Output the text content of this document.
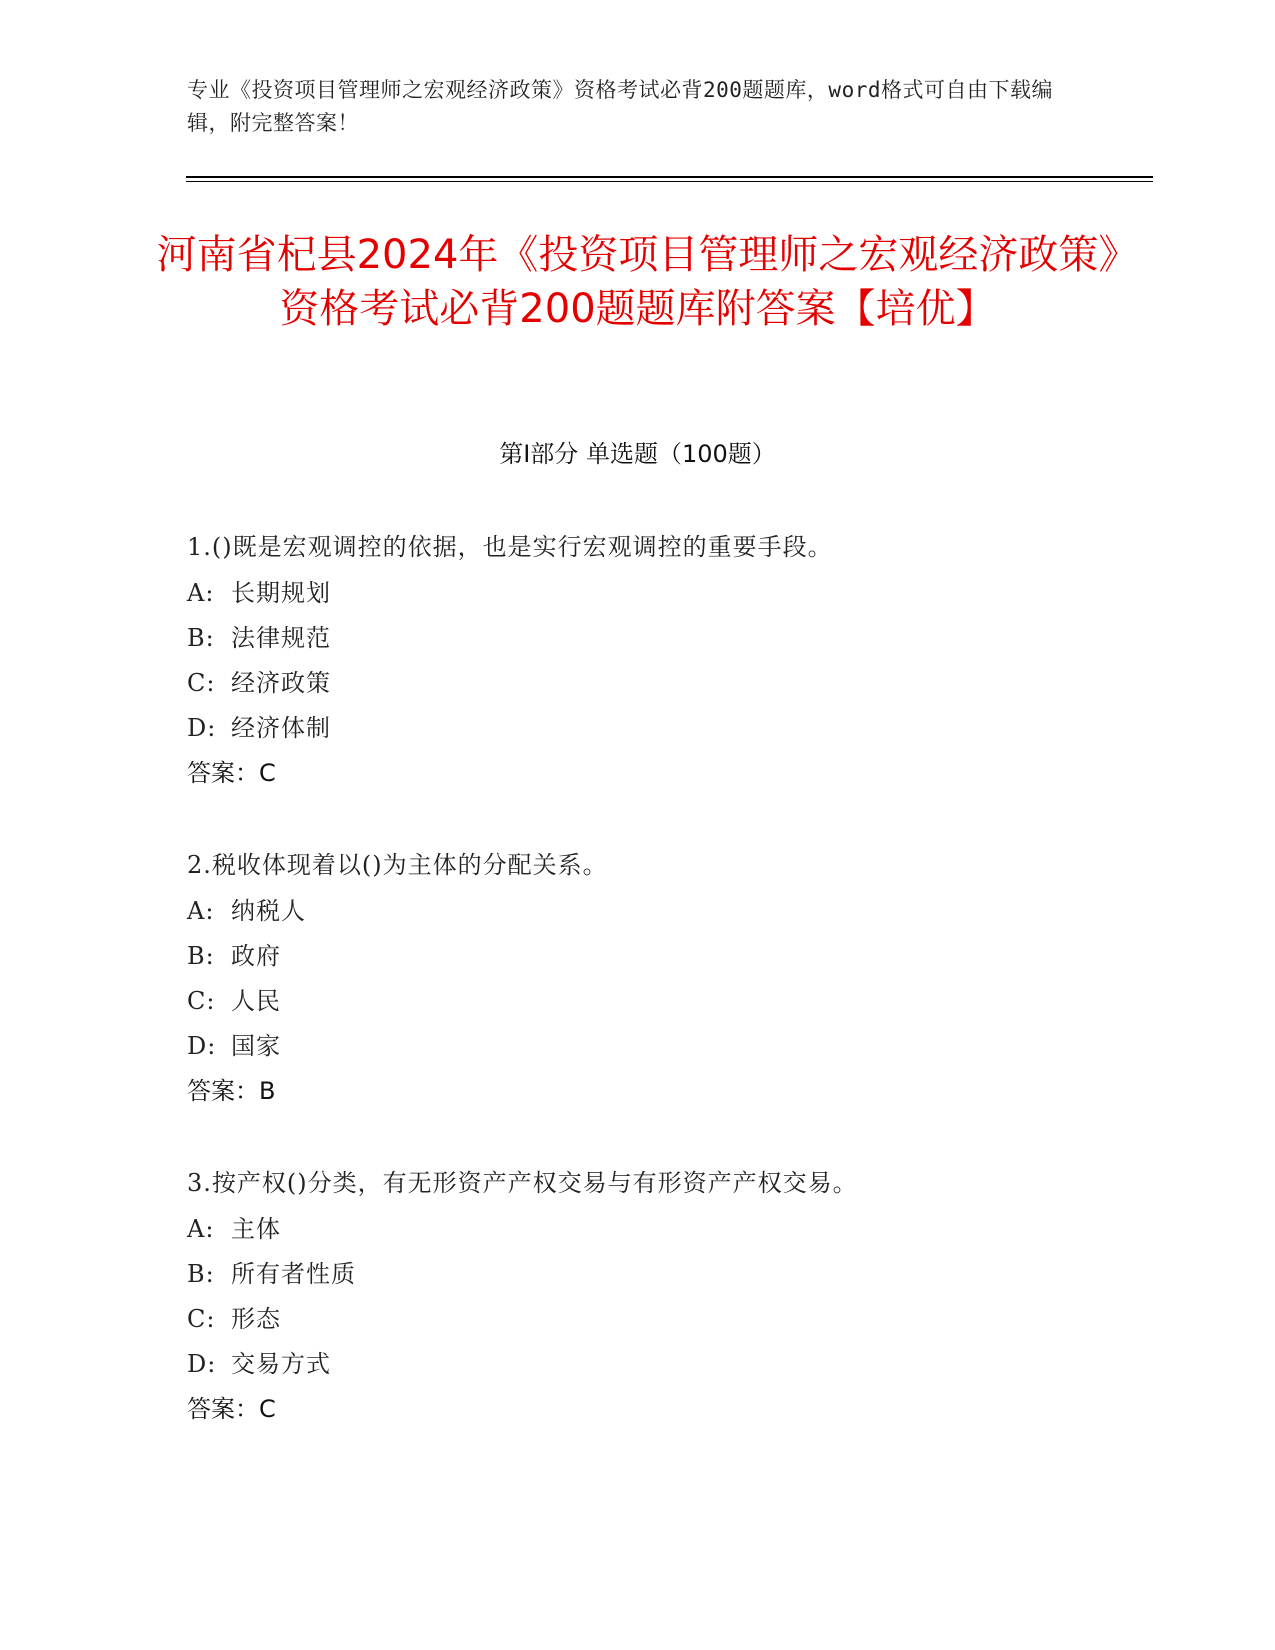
专业《投资项目管理师之宏观经济政策》资格考试必背200题题库，word格式可自由下载编辑，附完整答案！
河南省杞县2024年《投资项目管理师之宏观经济政策》资格考试必背200题题库附答案【培优】
第Ⅰ部分 单选题（100题）
1.()既是宏观调控的依据，也是实行宏观调控的重要手段。
A: 长期规划
B: 法律规范
C: 经济政策
D: 经济体制
答案：C
2.税收体现着以()为主体的分配关系。
A: 纳税人
B: 政府
C: 人民
D: 国家
答案：B
3.按产权()分类，有无形资产产权交易与有形资产产权交易。
A: 主体
B: 所有者性质
C: 形态
D: 交易方式
答案：C
